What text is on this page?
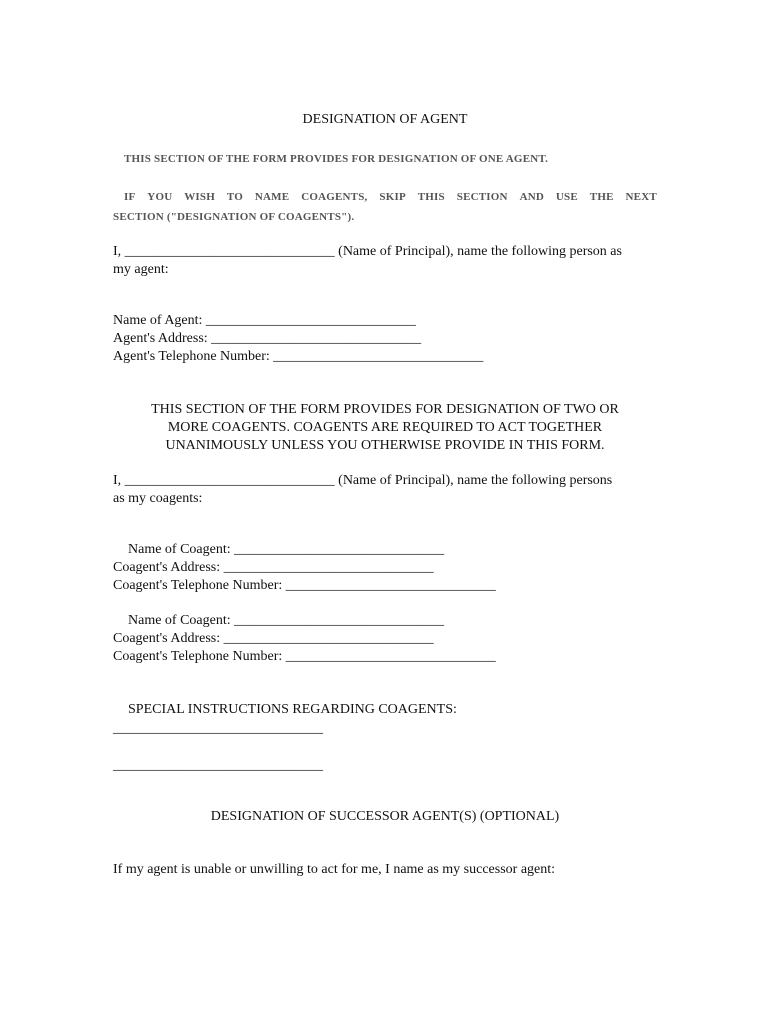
DESIGNATION OF AGENT
THIS SECTION OF THE FORM PROVIDES FOR DESIGNATION OF ONE AGENT.
IF YOU WISH TO NAME COAGENTS, SKIP THIS SECTION AND USE THE NEXT
SECTION ("DESIGNATION OF COAGENTS").
I, ______________________________ (Name of Principal), name the following person as
my agent:
Name of Agent: ______________________________
Agent's Address: ______________________________
Agent's Telephone Number: ______________________________
THIS SECTION OF THE FORM PROVIDES FOR DESIGNATION OF TWO OR
MORE COAGENTS. COAGENTS ARE REQUIRED TO ACT TOGETHER
UNANIMOUSLY UNLESS YOU OTHERWISE PROVIDE IN THIS FORM.
I, ______________________________ (Name of Principal), name the following persons
as my coagents:
Name of Coagent: ______________________________
Coagent's Address: ______________________________
Coagent's Telephone Number: ______________________________
Name of Coagent: ______________________________
Coagent's Address: ______________________________
Coagent's Telephone Number: ______________________________
SPECIAL INSTRUCTIONS REGARDING COAGENTS:
______________________________
______________________________
DESIGNATION OF SUCCESSOR AGENT(S) (OPTIONAL)
If my agent is unable or unwilling to act for me, I name as my successor agent:
